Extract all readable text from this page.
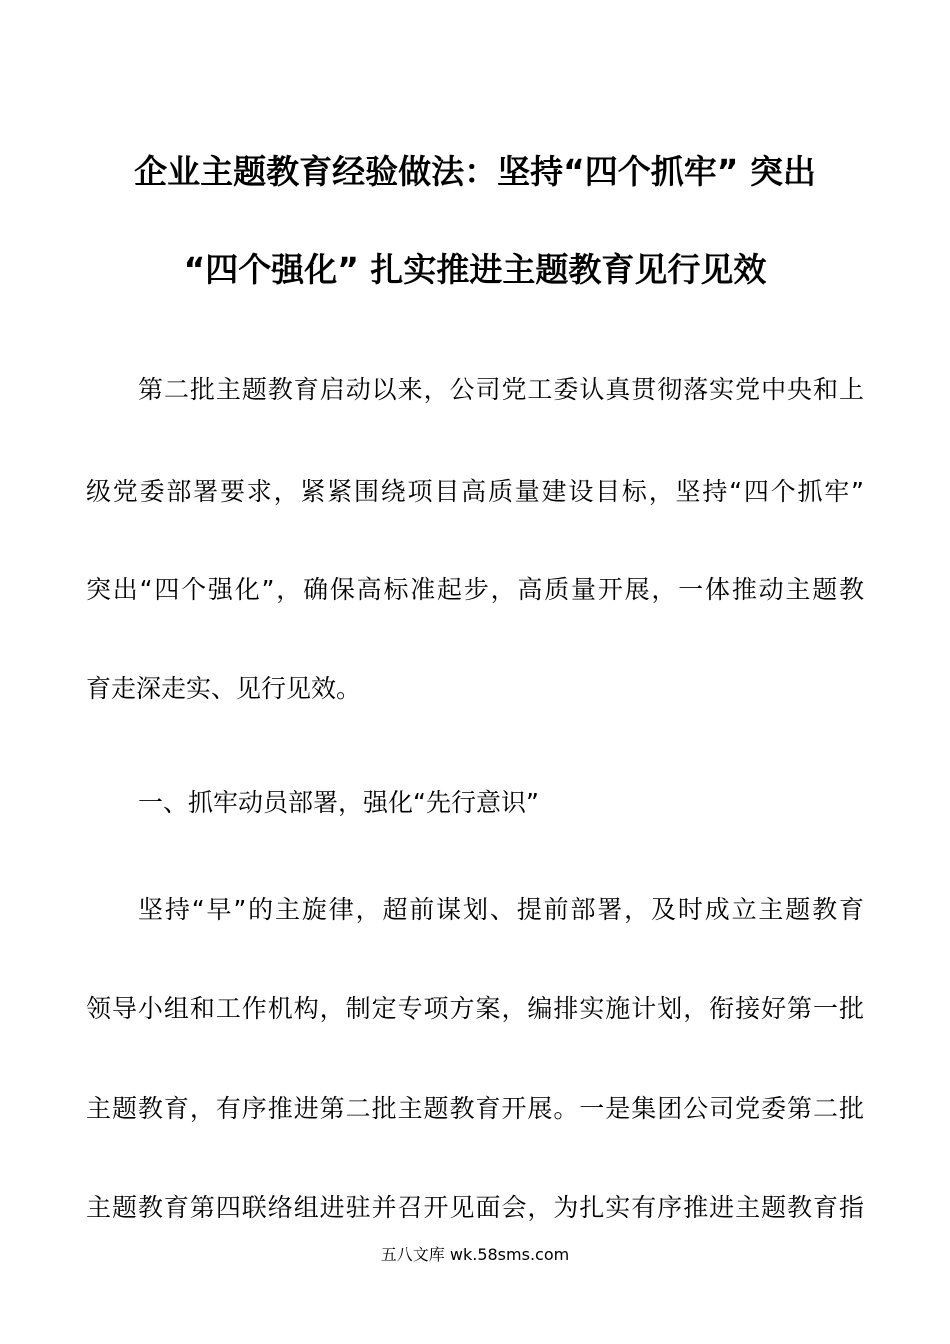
企业主题教育经验做法：坚持“四个抓牢” 突出
“四个强化” 扎实推进主题教育见行见效
第二批主题教育启动以来，公司党工委认真贯彻落实党中央和上
级党委部署要求，紧紧围绕项目高质量建设目标，坚持“四个抓牢”
突出“四个强化”，确保高标准起步，高质量开展，一体推动主题教
育走深走实、见行见效。
一、抓牢动员部署，强化“先行意识”
坚持“早”的主旋律，超前谋划、提前部署，及时成立主题教育
领导小组和工作机构，制定专项方案，编排实施计划，衔接好第一批
主题教育，有序推进第二批主题教育开展。一是集团公司党委第二批
主题教育第四联络组进驻并召开见面会，为扎实有序推进主题教育指
五八文库 wk.58sms.com
